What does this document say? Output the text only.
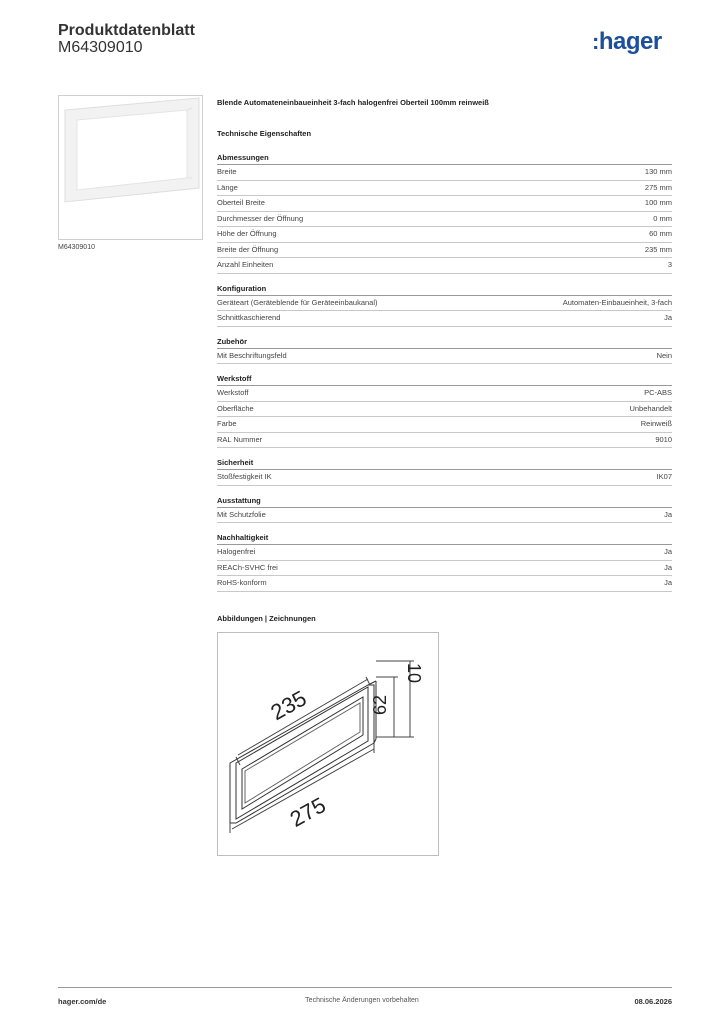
Produktdatenblatt
M64309010	:hager
M64309010
Blende Automateneinbaueinheit 3-fach halogenfrei Oberteil 100mm reinweiß
Technische Eigenschaften
Abmessungen
Breite	130 mm
Länge	275 mm
Oberteil Breite	100 mm
Durchmesser der Öffnung	0 mm
Höhe der Öffnung	60 mm
Breite der Öffnung	235 mm
Anzahl Einheiten	3
Konfiguration
Geräteart (Geräteblende für Geräteeinbaukanal)	Automaten-Einbaueinheit, 3-fach
Schnittkaschierend	Ja
Zubehör
Mit Beschriftungsfeld	Nein
Werkstoff
Werkstoff	PC-ABS
Oberfläche	Unbehandelt
Farbe	Reinweiß
RAL Nummer	9010
Sicherheit
Stoßfestigkeit IK	IK07
Ausstattung
Mit Schutzfolie	Ja
Nachhaltigkeit
Halogenfrei	Ja
REACh-SVHC frei	Ja
RoHS-konform	Ja
Abbildungen | Zeichnungen
235
275
62
10
hager.com/de	Technische Änderungen vorbehalten	08.06.2026
